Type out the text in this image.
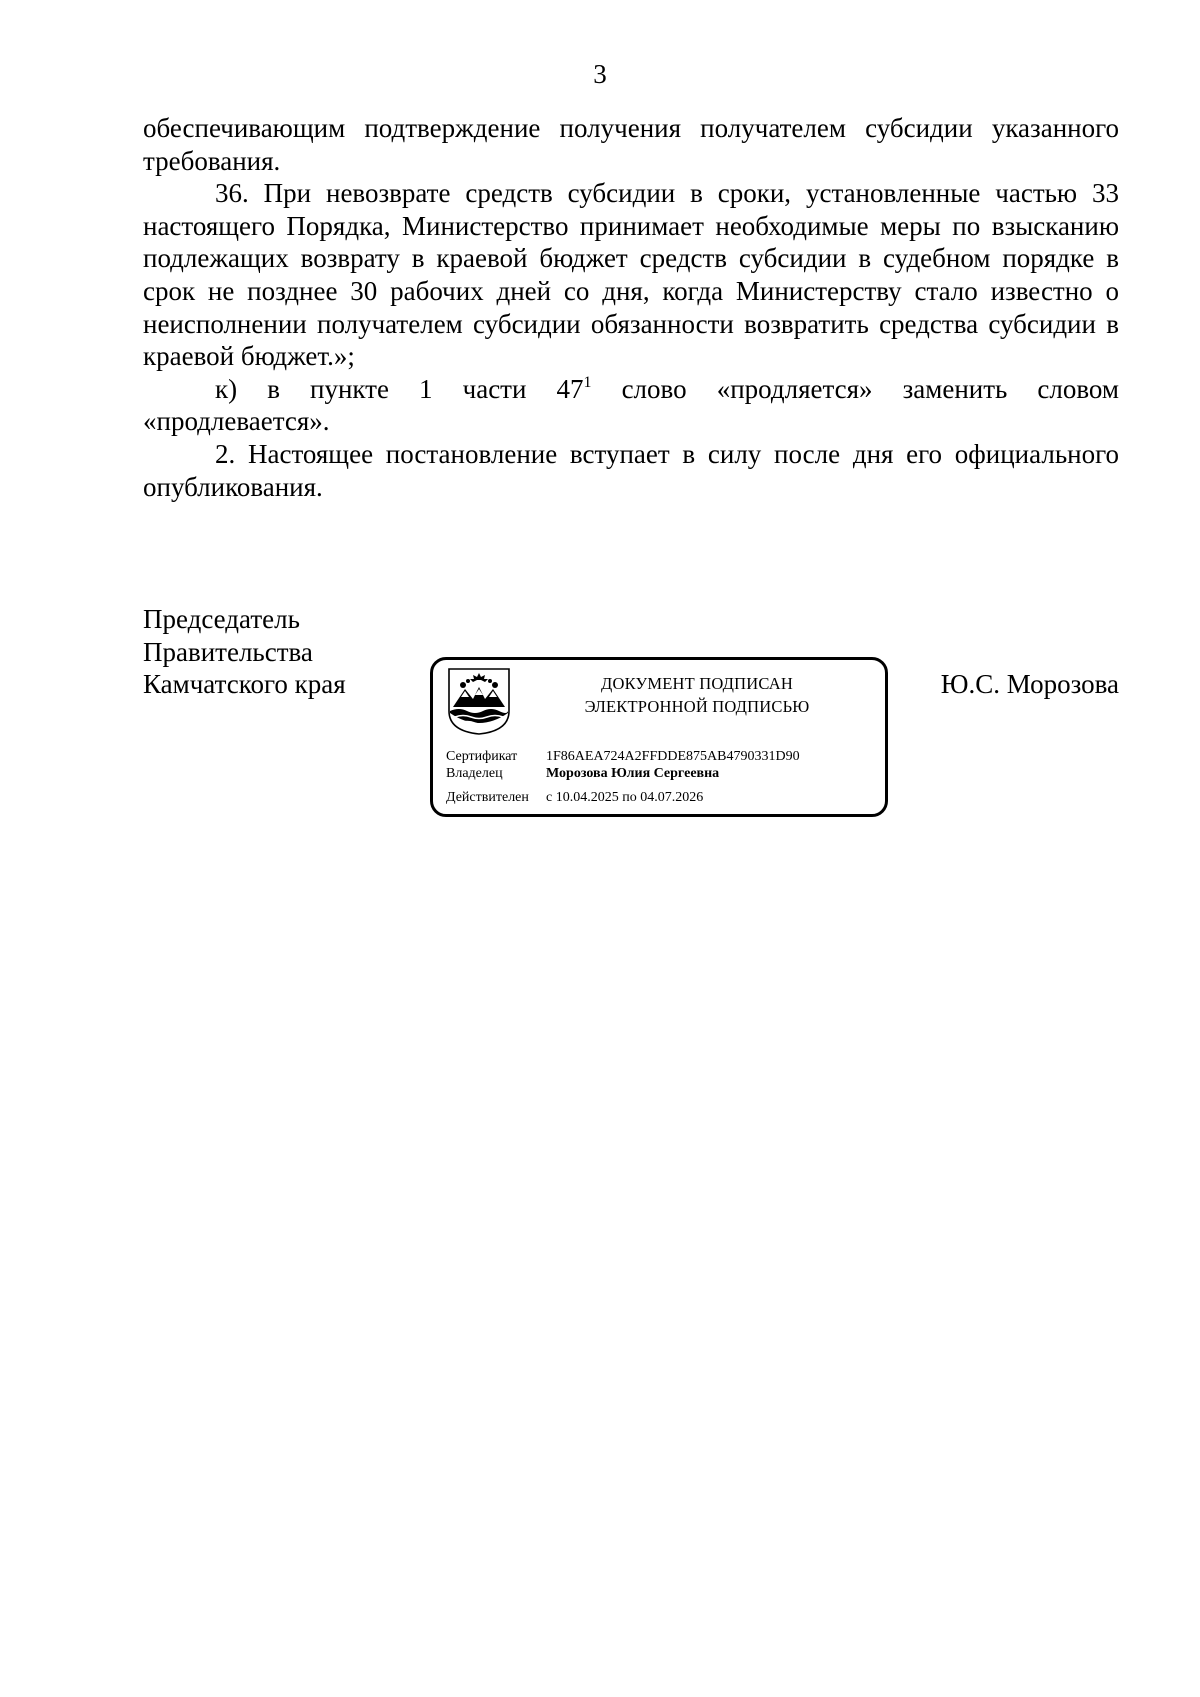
3

обеспечивающим подтверждение получения получателем субсидии указанного требования.

36. При невозврате средств субсидии в сроки, установленные частью 33 настоящего Порядка, Министерство принимает необходимые меры по взысканию подлежащих возврату в краевой бюджет средств субсидии в судебном порядке в срок не позднее 30 рабочих дней со дня, когда Министерству стало известно о неисполнении получателем субсидии обязанности возвратить средства субсидии в краевой бюджет.»;

к) в пункте 1 части $47^1$ слово «продляется» заменить словом
«продлевается».

2. Настоящее постановление вступает в силу после дня его официального опубликования.

Председатель
Правительства
Камчатского края	Ю.С. Морозова
ДОКУМЕНТ ПОДПИСАН
ЭЛЕКТРОННОЙ ПОДПИСЬЮ
Сертификат 1F86AEA724A2FFDDE875AB4790331D90
Владелец	Морозова Юлия Сергеевна
Действителен с 10.04.2025 по 04.07.2026
